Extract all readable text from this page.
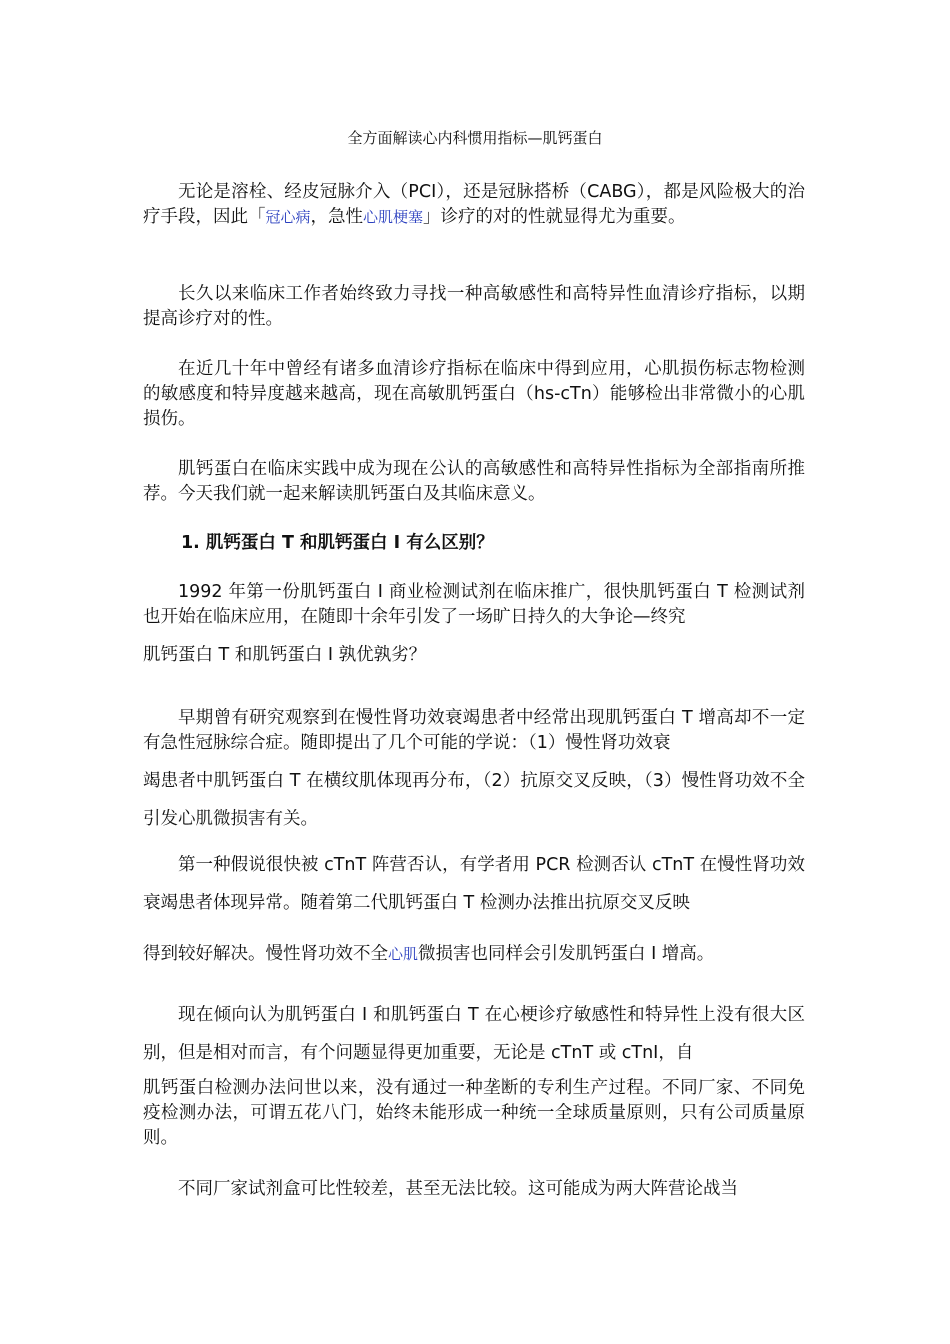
全方面解读心内科惯用指标—肌钙蛋白

无论是溶栓、经皮冠脉介入（PCI），还是冠脉搭桥（CABG），都是风险极大的治疗手段，因此「冠心病，急性心肌梗塞」诊疗的对的性就显得尤为重要。

长久以来临床工作者始终致力寻找一种高敏感性和高特异性血清诊疗指标，以期提高诊疗对的性。

在近几十年中曾经有诸多血清诊疗指标在临床中得到应用，心肌损伤标志物检测的敏感度和特异度越来越高，现在高敏肌钙蛋白（hs-cTn）能够检出非常微小的心肌损伤。

肌钙蛋白在临床实践中成为现在公认的高敏感性和高特异性指标为全部指南所推荐。今天我们就一起来解读肌钙蛋白及其临床意义。

1. 肌钙蛋白 T 和肌钙蛋白 I 有么区别？

1992 年第一份肌钙蛋白 I 商业检测试剂在临床推广，很快肌钙蛋白 T 检测试剂也开始在临床应用，在随即十余年引发了一场旷日持久的大争论—终究

肌钙蛋白 T 和肌钙蛋白 I 孰优孰劣？

早期曾有研究观察到在慢性肾功效衰竭患者中经常出现肌钙蛋白 T 增高却不一定有急性冠脉综合症。随即提出了几个可能的学说：（1）慢性肾功效衰

竭患者中肌钙蛋白 T 在横纹肌体现再分布，（2）抗原交叉反映，（3）慢性肾功效不全引发心肌微损害有关。

第一种假说很快被 cTnT 阵营否认，有学者用 PCR 检测否认 cTnT 在慢性肾功效衰竭患者体现异常。随着第二代肌钙蛋白 T 检测办法推出抗原交叉反映

得到较好解决。慢性肾功效不全心肌微损害也同样会引发肌钙蛋白 I 增高。

现在倾向认为肌钙蛋白 I 和肌钙蛋白 T 在心梗诊疗敏感性和特异性上没有很大区别，但是相对而言，有个问题显得更加重要，无论是 cTnT 或 cTnI，自

肌钙蛋白检测办法问世以来，没有通过一种垄断的专利生产过程。不同厂家、不同免疫检测办法，可谓五花八门，始终未能形成一种统一全球质量原则，只有公司质量原则。

不同厂家试剂盒可比性较差，甚至无法比较。这可能成为两大阵营论战当
